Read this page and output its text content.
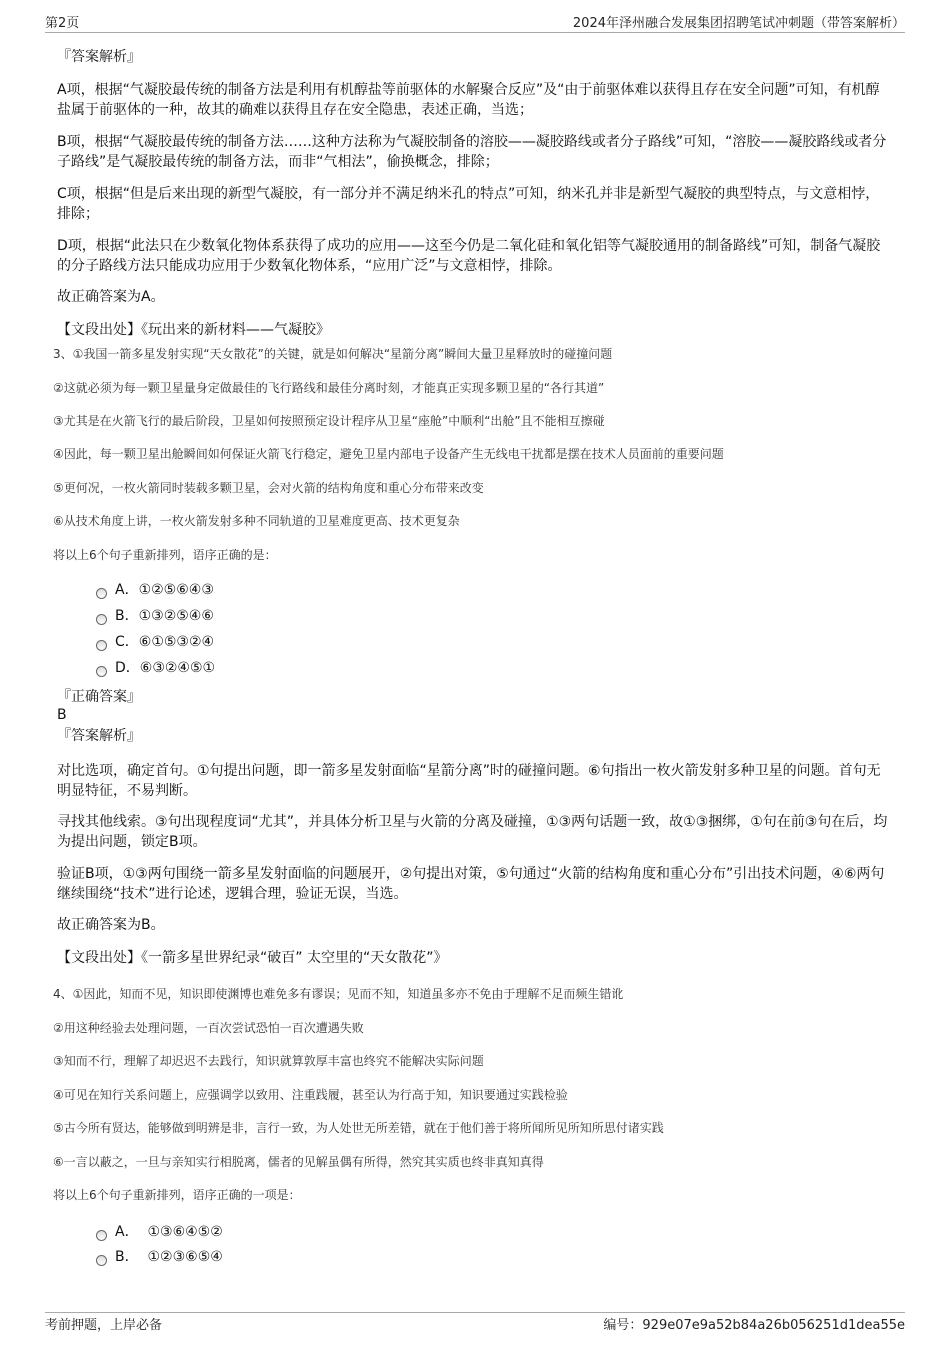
第2页	2024年泽州融合发展集团招聘笔试冲刺题（带答案解析）
『答案解析』
A项，根据“气凝胶最传统的制备方法是利用有机醇盐等前驱体的水解聚合反应”及“由于前驱体难以获得且存在安全问题”可知，有机醇盐属于前驱体的一种，故其的确难以获得且存在安全隐患，表述正确，当选；
B项，根据“气凝胶最传统的制备方法……这种方法称为气凝胶制备的溶胶——凝胶路线或者分子路线”可知，“溶胶——凝胶路线或者分子路线”是气凝胶最传统的制备方法，而非“气相法”，偷换概念，排除；
C项，根据“但是后来出现的新型气凝胶，有一部分并不满足纳米孔的特点”可知，纳米孔并非是新型气凝胶的典型特点，与文意相悖，排除；
D项，根据“此法只在少数氧化物体系获得了成功的应用——这至今仍是二氧化硅和氧化铝等气凝胶通用的制备路线”可知，制备气凝胶的分子路线方法只能成功应用于少数氧化物体系，“应用广泛”与文意相悖，排除。
故正确答案为A。
【文段出处】《玩出来的新材料——气凝胶》
3、①我国一箭多星发射实现“天女散花”的关键，就是如何解决“星箭分离”瞬间大量卫星释放时的碰撞问题
②这就必须为每一颗卫星量身定做最佳的飞行路线和最佳分离时刻，才能真正实现多颗卫星的“各行其道”
③尤其是在火箭飞行的最后阶段，卫星如何按照预定设计程序从卫星“座舱”中顺利“出舱”且不能相互擦碰
④因此，每一颗卫星出舱瞬间如何保证火箭飞行稳定，避免卫星内部电子设备产生无线电干扰都是摆在技术人员面前的重要问题
⑤更何况，一枚火箭同时装载多颗卫星，会对火箭的结构角度和重心分布带来改变
⑥从技术角度上讲，一枚火箭发射多种不同轨道的卫星难度更高、技术更复杂
将以上6个句子重新排列，语序正确的是：
A．①②⑤⑥④③
B．①③②⑤④⑥
C．⑥①⑤③②④
D．⑥③②④⑤①
『正确答案』
B
『答案解析』
对比选项，确定首句。①句提出问题，即一箭多星发射面临“星箭分离”时的碰撞问题。⑥句指出一枚火箭发射多种卫星的问题。首句无明显特征，不易判断。
寻找其他线索。③句出现程度词“尤其”，并具体分析卫星与火箭的分离及碰撞，①③两句话题一致，故①③捆绑，①句在前③句在后，均为提出问题，锁定B项。
验证B项，①③两句围绕一箭多星发射面临的问题展开，②句提出对策，⑤句通过“火箭的结构角度和重心分布”引出技术问题，④⑥两句继续围绕“技术”进行论述，逻辑合理，验证无误，当选。
故正确答案为B。
【文段出处】《一箭多星世界纪录“破百” 太空里的“天女散花”》
4、①因此，知而不见，知识即使渊博也难免多有谬误；见而不知，知道虽多亦不免由于理解不足而频生错讹
②用这种经验去处理问题，一百次尝试恐怕一百次遭遇失败
③知而不行，理解了却迟迟不去践行，知识就算敦厚丰富也终究不能解决实际问题
④可见在知行关系问题上，应强调学以致用、注重践履，甚至认为行高于知，知识要通过实践检验
⑤古今所有贤达，能够做到明辨是非，言行一致，为人处世无所差错，就在于他们善于将所闻所见所知所思付诸实践
⑥一言以蔽之，一旦与亲知实行相脱离，儒者的见解虽偶有所得，然究其实质也终非真知真得
将以上6个句子重新排列，语序正确的一项是：
A．  ①③⑥④⑤②
B．  ①②③⑥⑤④
考前押题，上岸必备	编号：929e07e9a52b84a26b056251d1dea55e
